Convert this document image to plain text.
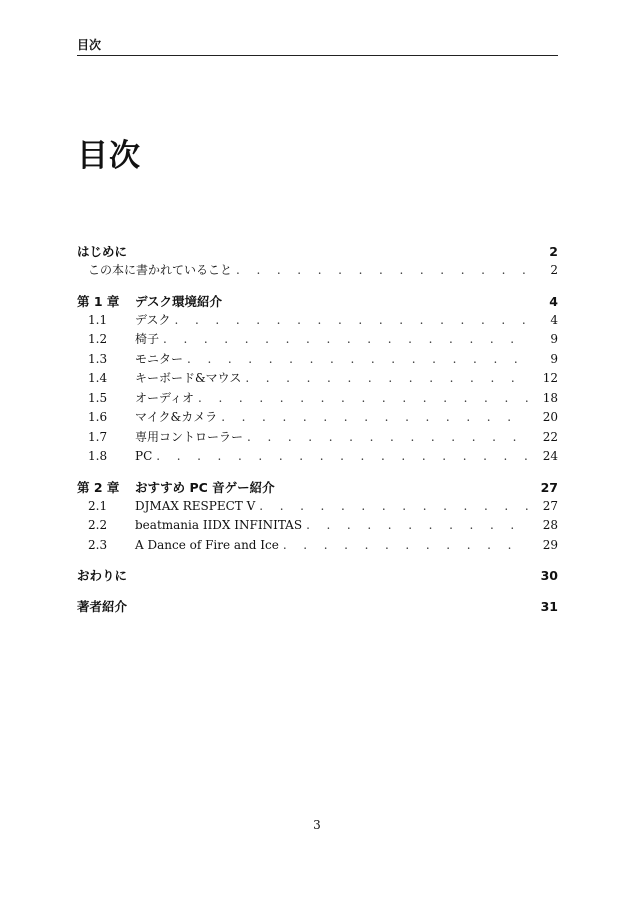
目次
目次
はじめに	2
この本に書かれていること . . .	2
第 1 章	デスク環境紹介	4
1.1	デスク . . .	4
1.2	椅子 . . .	9
1.3	モニター . . .	9
1.4	キーボード&マウス . . .	12
1.5	オーディオ . . .	18
1.6	マイク&カメラ . . .	20
1.7	専用コントローラー . . .	22
1.8	PC . . .	24
第 2 章	おすすめ PC 音ゲー紹介	27
2.1	DJMAX RESPECT V . . .	27
2.2	beatmania IIDX INFINITAS . . .	28
2.3	A Dance of Fire and Ice . . .	29
おわりに	30
著者紹介	31
3
